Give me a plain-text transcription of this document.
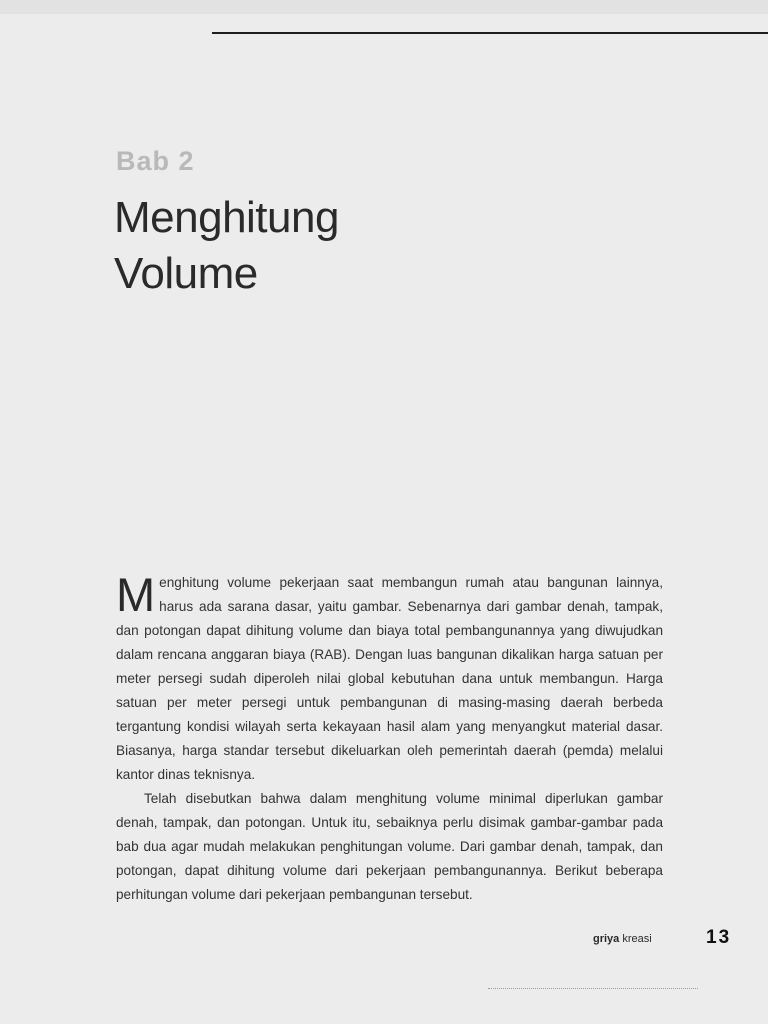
Bab 2
Menghitung
Volume

Menghitung volume pekerjaan saat membangun rumah atau bangunan lainnya, harus ada sarana dasar, yaitu gambar. Sebenarnya dari gambar denah, tampak, dan potongan dapat dihitung volume dan biaya total pembangunannya yang diwujudkan dalam rencana anggaran biaya (RAB). Dengan luas bangunan dikalikan harga satuan per meter persegi sudah diperoleh nilai global kebutuhan dana untuk membangun. Harga satuan per meter persegi untuk pembangunan di masing-masing daerah berbeda tergantung kondisi wilayah serta kekayaan hasil alam yang menyangkut material dasar. Biasanya, harga standar tersebut dikeluarkan oleh pemerintah daerah (pemda) melalui kantor dinas teknisnya.

Telah disebutkan bahwa dalam menghitung volume minimal diperlukan gambar denah, tampak, dan potongan. Untuk itu, sebaiknya perlu disimak gambar-gambar pada bab dua agar mudah melakukan penghitungan volume. Dari gambar denah, tampak, dan potongan, dapat dihitung volume dari pekerjaan pembangunannya. Berikut beberapa perhitungan volume dari pekerjaan pembangunan tersebut.

griya kreasi	13
